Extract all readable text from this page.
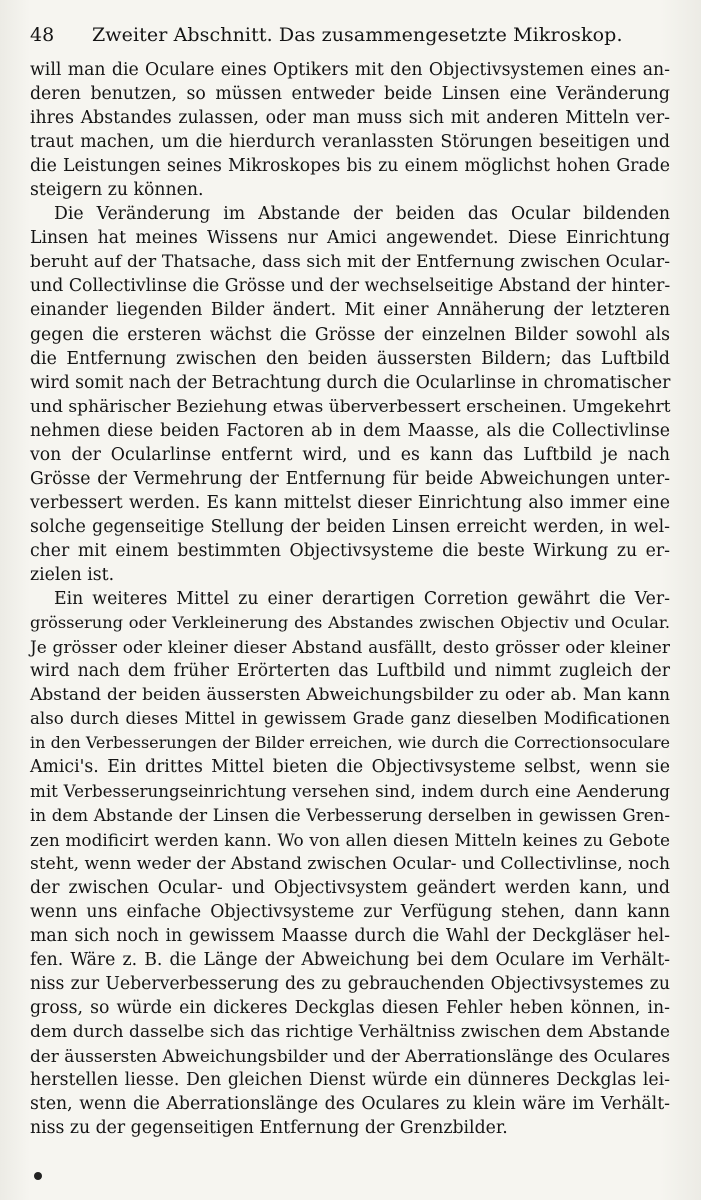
48 Zweiter Abschnitt. Das zusammengesetzte Mikroskop.
will man die Oculare eines Optikers mit den Objectivsystemen eines an-
deren benutzen, so müssen entweder beide Linsen eine Veränderung
ihres Abstandes zulassen, oder man muss sich mit anderen Mitteln ver-
traut machen, um die hierdurch veranlassten Störungen beseitigen und
die Leistungen seines Mikroskopes bis zu einem möglichst hohen Grade
steigern zu können.
Die Veränderung im Abstande der beiden das Ocular bildenden
Linsen hat meines Wissens nur Amici angewendet. Diese Einrichtung
beruht auf der Thatsache, dass sich mit der Entfernung zwischen Ocular-
und Collectivlinse die Grösse und der wechselseitige Abstand der hinter-
einander liegenden Bilder ändert. Mit einer Annäherung der letzteren
gegen die ersteren wächst die Grösse der einzelnen Bilder sowohl als
die Entfernung zwischen den beiden äussersten Bildern; das Luftbild
wird somit nach der Betrachtung durch die Ocularlinse in chromatischer
und sphärischer Beziehung etwas überverbessert erscheinen. Umgekehrt
nehmen diese beiden Factoren ab in dem Maasse, als die Collectivlinse
von der Ocularlinse entfernt wird, und es kann das Luftbild je nach
Grösse der Vermehrung der Entfernung für beide Abweichungen unter-
verbessert werden. Es kann mittelst dieser Einrichtung also immer eine
solche gegenseitige Stellung der beiden Linsen erreicht werden, in wel-
cher mit einem bestimmten Objectivsysteme die beste Wirkung zu er-
zielen ist.
Ein weiteres Mittel zu einer derartigen Corretion gewährt die Ver-
grösserung oder Verkleinerung des Abstandes zwischen Objectiv und Ocular.
Je grösser oder kleiner dieser Abstand ausfällt, desto grösser oder kleiner
wird nach dem früher Erörterten das Luftbild und nimmt zugleich der
Abstand der beiden äussersten Abweichungsbilder zu oder ab. Man kann
also durch dieses Mittel in gewissem Grade ganz dieselben Modificationen
in den Verbesserungen der Bilder erreichen, wie durch die Correctionsoculare
Amici's. Ein drittes Mittel bieten die Objectivsysteme selbst, wenn sie
mit Verbesserungseinrichtung versehen sind, indem durch eine Aenderung
in dem Abstande der Linsen die Verbesserung derselben in gewissen Gren-
zen modificirt werden kann. Wo von allen diesen Mitteln keines zu Gebote
steht, wenn weder der Abstand zwischen Ocular- und Collectivlinse, noch
der zwischen Ocular- und Objectivsystem geändert werden kann, und
wenn uns einfache Objectivsysteme zur Verfügung stehen, dann kann
man sich noch in gewissem Maasse durch die Wahl der Deckgläser hel-
fen. Wäre z. B. die Länge der Abweichung bei dem Oculare im Verhält-
niss zur Ueberverbesserung des zu gebrauchenden Objectivsystemes zu
gross, so würde ein dickeres Deckglas diesen Fehler heben können, in-
dem durch dasselbe sich das richtige Verhältniss zwischen dem Abstande
der äussersten Abweichungsbilder und der Aberrationslänge des Oculares
herstellen liesse. Den gleichen Dienst würde ein dünneres Deckglas lei-
sten, wenn die Aberrationslänge des Oculares zu klein wäre im Verhält-
niss zu der gegenseitigen Entfernung der Grenzbilder.
